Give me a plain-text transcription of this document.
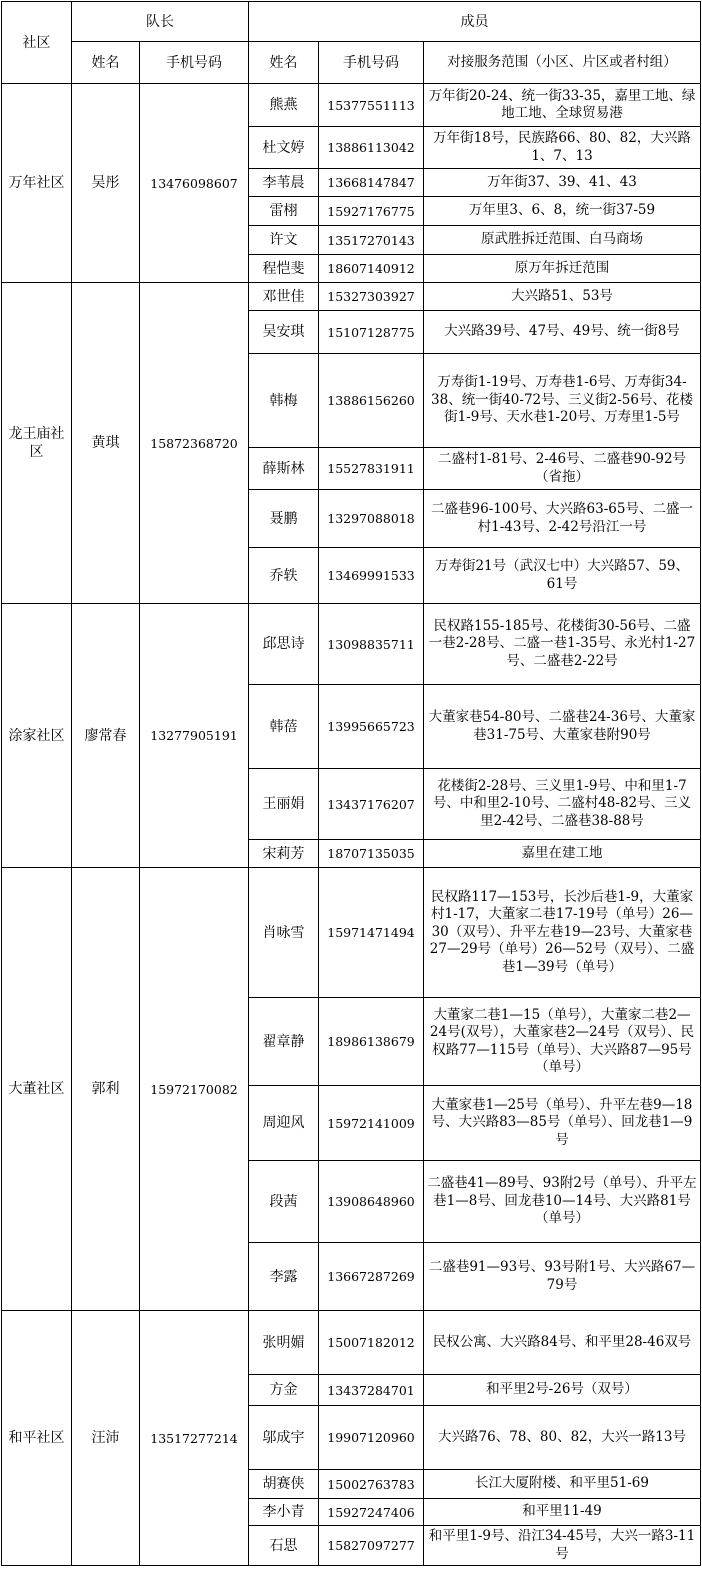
社区	队长		成员		
	姓名	手机号码	姓名	手机号码	对接服务范围（小区、片区或者村组）
万年社区	吴彤	13476098607	熊燕	15377551113	万年街20-24、统一街33-35，嘉里工地、绿地工地、全球贸易港
			杜文婷	13886113042	万年街18号，民族路66、80、82，大兴路1、7、13
			李苇晨	13668147847	万年街37、39、41、43
			雷栩	15927176775	万年里3、6、8，统一街37-59
			许文	13517270143	原武胜拆迁范围、白马商场
			程恺斐	18607140912	原万年拆迁范围
龙王庙社区	黄琪	15872368720	邓世佳	15327303927	大兴路51、53号
			吴安琪	15107128775	大兴路39号、47号、49号、统一街8号
			韩梅	13886156260	万寿街1-19号、万寿巷1-6号、万寿街34-38、统一街40-72号、三义街2-56号、花楼街1-9号、天水巷1-20号、万寿里1-5号
			薛斯林	15527831911	二盛村1-81号、2-46号、二盛巷90-92号（省拖）
			聂鹏	13297088018	二盛巷96-100号、大兴路63-65号、二盛一村1-43号、2-42号沿江一号
			乔轶	13469991533	万寿街21号（武汉七中）大兴路57、59、61号
涂家社区	廖常春	13277905191	邱思诗	13098835711	民权路155-185号、花楼街30-56号、二盛一巷2-28号、二盛一巷1-35号、永光村1-27号、二盛巷2-22号
			韩蓓	13995665723	大董家巷54-80号、二盛巷24-36号、大董家巷31-75号、大董家巷附90号
			王丽娟	13437176207	花楼街2-28号、三义里1-9号、中和里1-7号、中和里2-10号、二盛村48-82号、三义里2-42号、二盛巷38-88号
			宋莉芳	18707135035	嘉里在建工地
大董社区	郭利	15972170082	肖咏雪	15971471494	民权路117—153号，长沙后巷1-9，大董家村1-17，大董家二巷17-19号（单号）26—30（双号）、升平左巷19—23号、大董家巷27—29号（单号）26—52号（双号）、二盛巷1—39号（单号）
			翟章静	18986138679	大董家二巷1—15（单号），大董家二巷2—24号(双号），大董家巷2—24号（双号）、民权路77—115号（单号）、大兴路87—95号（单号）
			周迎风	15972141009	大董家巷1—25号（单号）、升平左巷9—18号、大兴路83—85号（单号）、回龙巷1—9号
			段茜	13908648960	二盛巷41—89号、93附2号（单号）、升平左巷1—8号、回龙巷10—14号、大兴路81号（单号）
			李露	13667287269	二盛巷91—93号、93号附1号、大兴路67—79号
和平社区	汪沛	13517277214	张明媚	15007182012	民权公寓、大兴路84号、和平里28-46双号
			方金	13437284701	和平里2号-26号（双号）
			邬成宇	19907120960	大兴路76、78、80、82，大兴一路13号
			胡赛侠	15002763783	长江大厦附楼、和平里51-69
			李小青	15927247406	和平里11-49
			石思	15827097277	和平里1-9号、沿江34-45号，大兴一路3-11号
